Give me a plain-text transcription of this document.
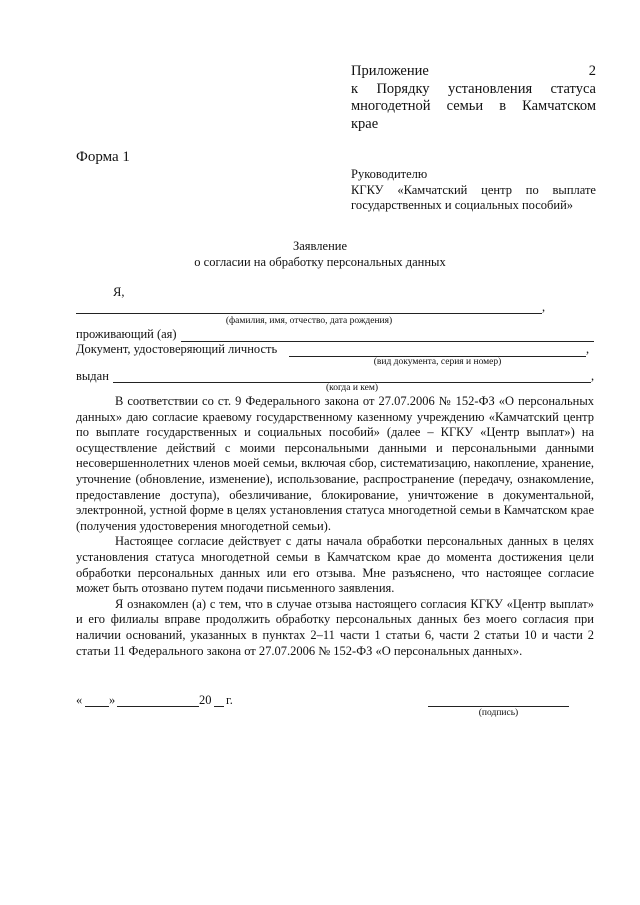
Приложение 2

к Порядку установления статуса

многодетной семьи в Камчатском

крае

Форма 1

Руководителю

КГКУ «Камчатский центр по выплате

государственных и социальных пособий»

Заявление
о согласии на обработку персональных данных
Я,
,
(фамилия, имя, отчество, дата рождения)
проживающий (ая)
Документ, удостоверяющий личность	,
(вид документа, серия и номер)
выдан	,
(когда и кем)

В соответствии со ст. 9 Федерального закона от 27.07.2006 № 152-ФЗ «О персональных данных» даю согласие краевому государственному казенному учреждению «Камчатский центр по выплате государственных и социальных пособий» (далее – КГКУ «Центр выплат») на осуществление действий с моими персональными данными и персональными данными несовершеннолетних членов моей семьи, включая сбор, систематизацию, накопление, хранение, уточнение (обновление, изменение), использование, распространение (передачу, ознакомление, предоставление доступа), обезличивание, блокирование, уничтожение в документальной, электронной, устной форме в целях установления статуса многодетной семьи в Камчатском крае (получения удостоверения многодетной семьи).

Настоящее согласие действует с даты начала обработки персональных данных в целях установления статуса многодетной семьи в Камчатском крае до момента достижения цели обработки персональных данных или его отзыва. Мне разъяснено, что настоящее согласие может быть отозвано путем подачи письменного заявления.

Я ознакомлен (а) с тем, что в случае отзыва настоящего согласия КГКУ «Центр выплат» и его филиалы вправе продолжить обработку персональных данных без моего согласия при наличии оснований, указанных в пунктах 2–11 части 1 статьи 6, части 2 статьи 10 и части 2 статьи 11 Федерального закона от 27.07.2006 № 152-ФЗ «О персональных данных».

« »	20 г.
(подпись)
